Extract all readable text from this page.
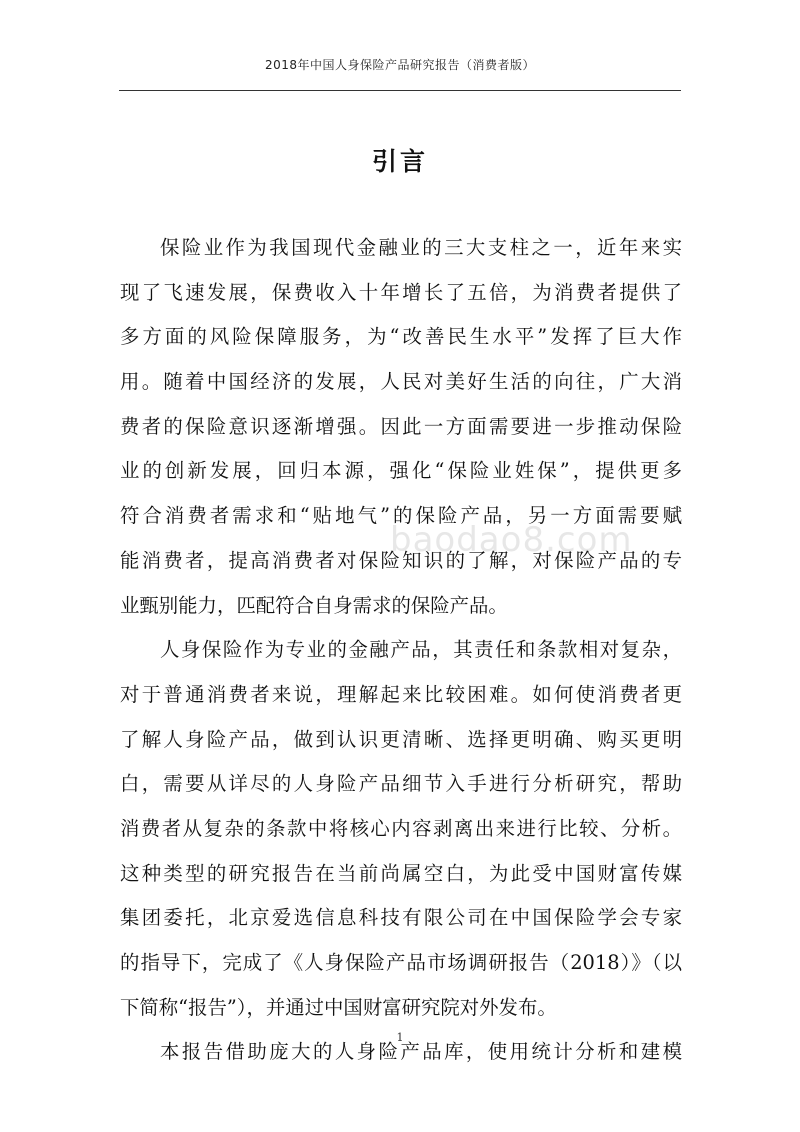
2018年中国人身保险产品研究报告（消费者版）
引言
baodao8.com
保险业作为我国现代金融业的三大支柱之一，近年来实
现了飞速发展，保费收入十年增长了五倍，为消费者提供了
多方面的风险保障服务，为“改善民生水平”发挥了巨大作
用。随着中国经济的发展，人民对美好生活的向往，广大消
费者的保险意识逐渐增强。因此一方面需要进一步推动保险
业的创新发展，回归本源，强化“保险业姓保”，提供更多
符合消费者需求和“贴地气”的保险产品，另一方面需要赋
能消费者，提高消费者对保险知识的了解，对保险产品的专
业甄别能力，匹配符合自身需求的保险产品。
人身保险作为专业的金融产品，其责任和条款相对复杂，
对于普通消费者来说，理解起来比较困难。如何使消费者更
了解人身险产品，做到认识更清晰、选择更明确、购买更明
白，需要从详尽的人身险产品细节入手进行分析研究，帮助
消费者从复杂的条款中将核心内容剥离出来进行比较、分析。
这种类型的研究报告在当前尚属空白，为此受中国财富传媒
集团委托，北京爱选信息科技有限公司在中国保险学会专家
的指导下，完成了《人身保险产品市场调研报告（2018）》（以
下简称“报告”），并通过中国财富研究院对外发布。
本报告借助庞大的人身险产品库，使用统计分析和建模
1
